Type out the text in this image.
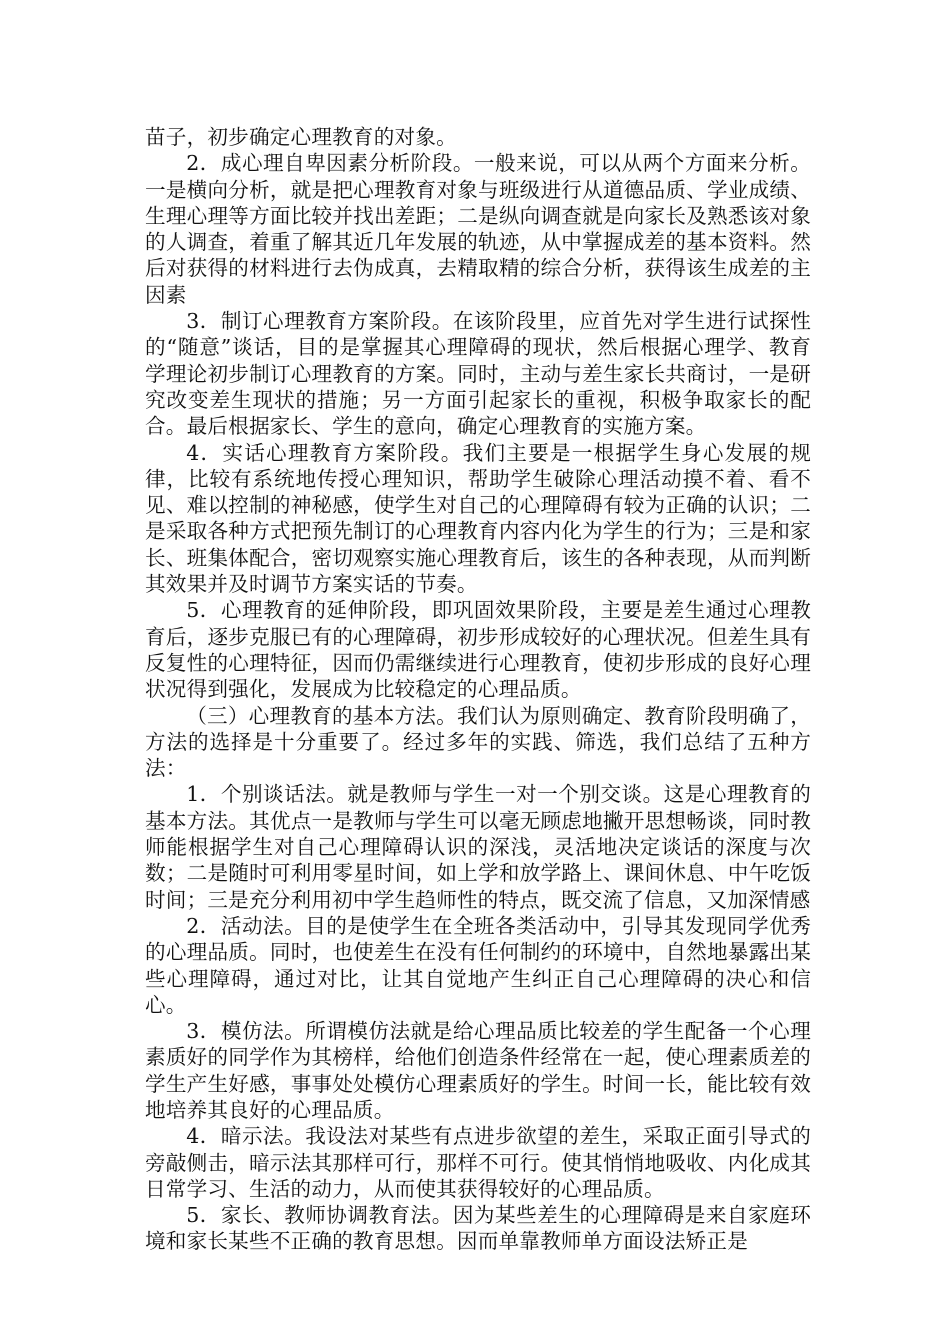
苗子，初步确定心理教育的对象。

2．成心理自卑因素分析阶段。一般来说，可以从两个方面来分析。一是横向分析，就是把心理教育对象与班级进行从道德品质、学业成绩、生理心理等方面比较并找出差距；二是纵向调查就是向家长及熟悉该对象的人调查，着重了解其近几年发展的轨迹，从中掌握成差的基本资料。然后对获得的材料进行去伪成真，去精取精的综合分析，获得该生成差的主因素

3．制订心理教育方案阶段。在该阶段里，应首先对学生进行试探性的“随意”谈话，目的是掌握其心理障碍的现状，然后根据心理学、教育学理论初步制订心理教育的方案。同时，主动与差生家长共商讨，一是研究改变差生现状的措施；另一方面引起家长的重视，积极争取家长的配合。最后根据家长、学生的意向，确定心理教育的实施方案。

4．实话心理教育方案阶段。我们主要是一根据学生身心发展的规律，比较有系统地传授心理知识，帮助学生破除心理活动摸不着、看不见、难以控制的神秘感，使学生对自己的心理障碍有较为正确的认识；二是采取各种方式把预先制订的心理教育内容内化为学生的行为；三是和家长、班集体配合，密切观察实施心理教育后，该生的各种表现，从而判断其效果并及时调节方案实话的节奏。

5．心理教育的延伸阶段，即巩固效果阶段，主要是差生通过心理教育后，逐步克服已有的心理障碍，初步形成较好的心理状况。但差生具有反复性的心理特征，因而仍需继续进行心理教育，使初步形成的良好心理状况得到强化，发展成为比较稳定的心理品质。

（三）心理教育的基本方法。我们认为原则确定、教育阶段明确了，方法的选择是十分重要了。经过多年的实践、筛选，我们总结了五种方法：

1．个别谈话法。就是教师与学生一对一个别交谈。这是心理教育的基本方法。其优点一是教师与学生可以毫无顾虑地撇开思想畅谈，同时教师能根据学生对自己心理障碍认识的深浅，灵活地决定谈话的深度与次数；二是随时可利用零星时间，如上学和放学路上、课间休息、中午吃饭时间；三是充分利用初中学生趋师性的特点，既交流了信息，又加深情感

2．活动法。目的是使学生在全班各类活动中，引导其发现同学优秀的心理品质。同时，也使差生在没有任何制约的环境中，自然地暴露出某些心理障碍，通过对比，让其自觉地产生纠正自己心理障碍的决心和信心。

3．模仿法。所谓模仿法就是给心理品质比较差的学生配备一个心理素质好的同学作为其榜样，给他们创造条件经常在一起，使心理素质差的学生产生好感，事事处处模仿心理素质好的学生。时间一长，能比较有效地培养其良好的心理品质。

4．暗示法。我设法对某些有点进步欲望的差生，采取正面引导式的旁敲侧击，暗示法其那样可行，那样不可行。使其悄悄地吸收、内化成其日常学习、生活的动力，从而使其获得较好的心理品质。

5．家长、教师协调教育法。因为某些差生的心理障碍是来自家庭环境和家长某些不正确的教育思想。因而单靠教师单方面设法矫正是
